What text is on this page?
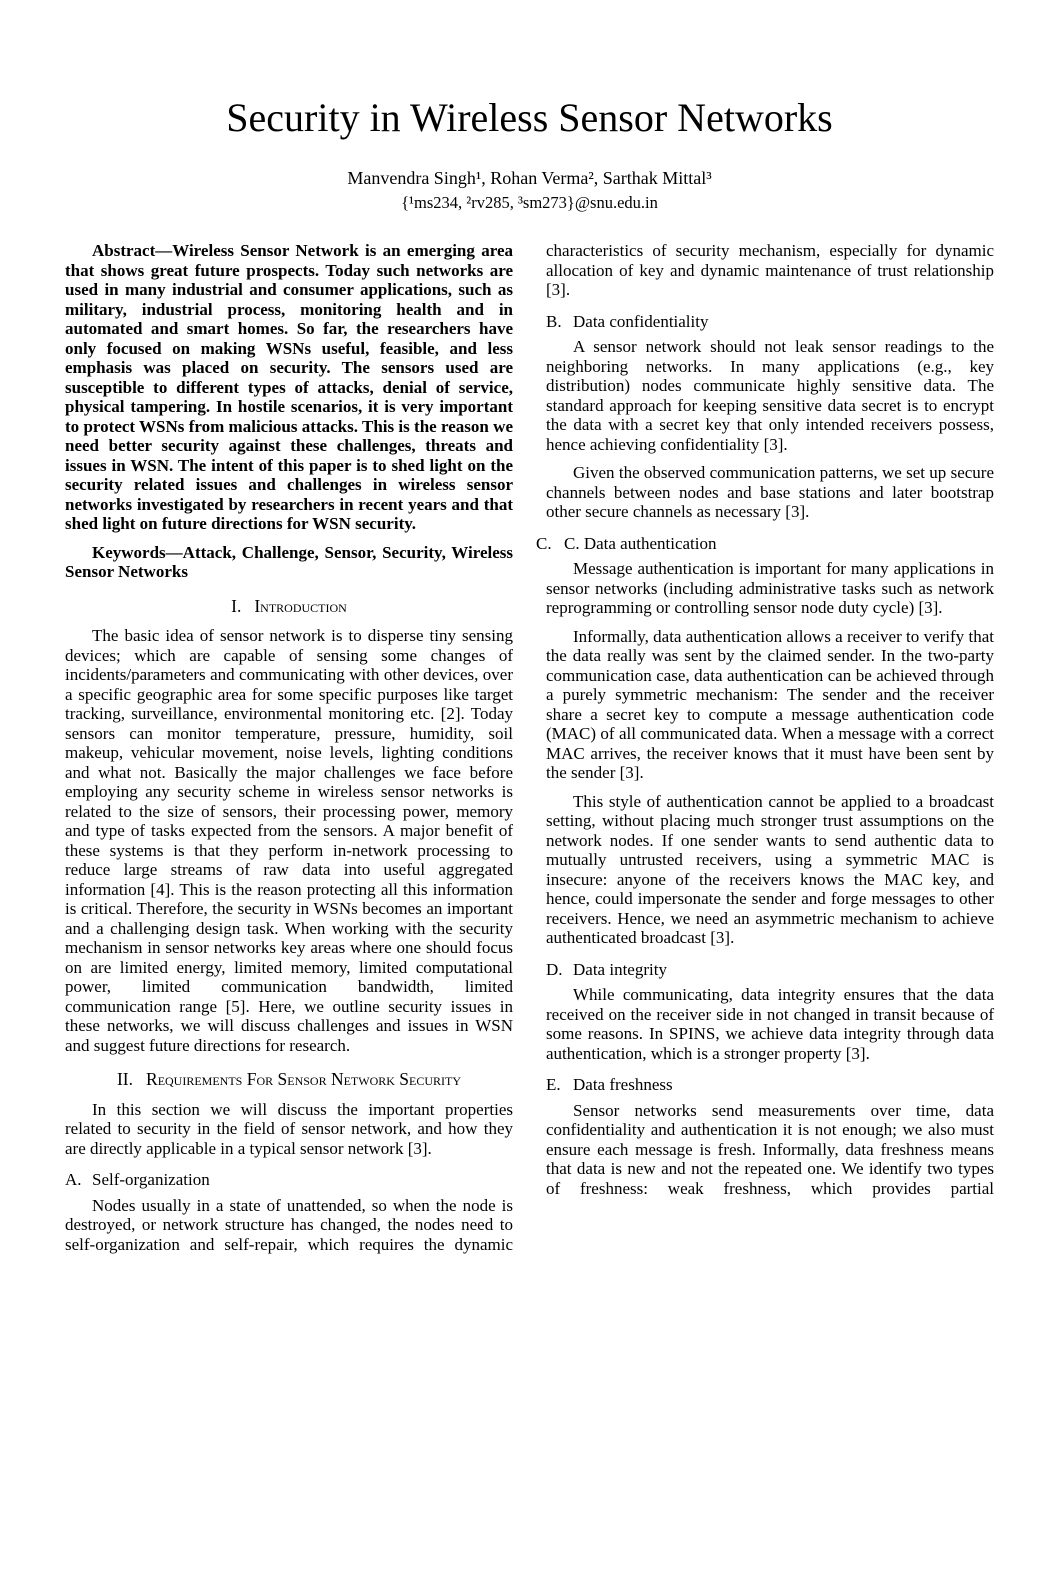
Security in Wireless Sensor Networks
Manvendra Singh¹, Rohan Verma², Sarthak Mittal³
{¹ms234, ²rv285, ³sm273}@snu.edu.in

Abstract—Wireless Sensor Network is an emerging area that shows great future prospects. Today such networks are used in many industrial and consumer applications, such as military, industrial process, monitoring health and in automated and smart homes. So far, the researchers have only focused on making WSNs useful, feasible, and less emphasis was placed on security. The sensors used are susceptible to different types of attacks, denial of service, physical tampering. In hostile scenarios, it is very important to protect WSNs from malicious attacks. This is the reason we need better security against these challenges, threats and issues in WSN. The intent of this paper is to shed light on the security related issues and challenges in wireless sensor networks investigated by researchers in recent years and that shed light on future directions for WSN security.

Keywords—Attack, Challenge, Sensor, Security, Wireless Sensor Networks

I. Introduction

The basic idea of sensor network is to disperse tiny sensing devices; which are capable of sensing some changes of incidents/parameters and communicating with other devices, over a specific geographic area for some specific purposes like target tracking, surveillance, environmental monitoring etc. [2]. Today sensors can monitor temperature, pressure, humidity, soil makeup, vehicular movement, noise levels, lighting conditions and what not. Basically the major challenges we face before employing any security scheme in wireless sensor networks is related to the size of sensors, their processing power, memory and type of tasks expected from the sensors. A major benefit of these systems is that they perform in-network processing to reduce large streams of raw data into useful aggregated information [4]. This is the reason protecting all this information is critical. Therefore, the security in WSNs becomes an important and a challenging design task. When working with the security mechanism in sensor networks key areas where one should focus on are limited energy, limited memory, limited computational power, limited communication bandwidth, limited communication range [5]. Here, we outline security issues in these networks, we will discuss challenges and issues in WSN and suggest future directions for research.

II. Requirements For Sensor Network Security

In this section we will discuss the important properties related to security in the field of sensor network, and how they are directly applicable in a typical sensor network [3].

A. Self-organization

Nodes usually in a state of unattended, so when the node is destroyed, or network structure has changed, the nodes need to self-organization and self-repair, which requires the dynamic

characteristics of security mechanism, especially for dynamic allocation of key and dynamic maintenance of trust relationship [3].

B. Data confidentiality

A sensor network should not leak sensor readings to the neighboring networks. In many applications (e.g., key distribution) nodes communicate highly sensitive data. The standard approach for keeping sensitive data secret is to encrypt the data with a secret key that only intended receivers possess, hence achieving confidentiality [3].

Given the observed communication patterns, we set up secure channels between nodes and base stations and later bootstrap other secure channels as necessary [3].

C. C. Data authentication

Message authentication is important for many applications in sensor networks (including administrative tasks such as network reprogramming or controlling sensor node duty cycle) [3].

Informally, data authentication allows a receiver to verify that the data really was sent by the claimed sender. In the two-party communication case, data authentication can be achieved through a purely symmetric mechanism: The sender and the receiver share a secret key to compute a message authentication code (MAC) of all communicated data. When a message with a correct MAC arrives, the receiver knows that it must have been sent by the sender [3].

This style of authentication cannot be applied to a broadcast setting, without placing much stronger trust assumptions on the network nodes. If one sender wants to send authentic data to mutually untrusted receivers, using a symmetric MAC is insecure: anyone of the receivers knows the MAC key, and hence, could impersonate the sender and forge messages to other receivers. Hence, we need an asymmetric mechanism to achieve authenticated broadcast [3].

D. Data integrity

While communicating, data integrity ensures that the data received on the receiver side in not changed in transit because of some reasons. In SPINS, we achieve data integrity through data authentication, which is a stronger property [3].

E. Data freshness

Sensor networks send measurements over time, data confidentiality and authentication it is not enough; we also must ensure each message is fresh. Informally, data freshness means that data is new and not the repeated one. We identify two types of freshness: weak freshness, which provides partial
